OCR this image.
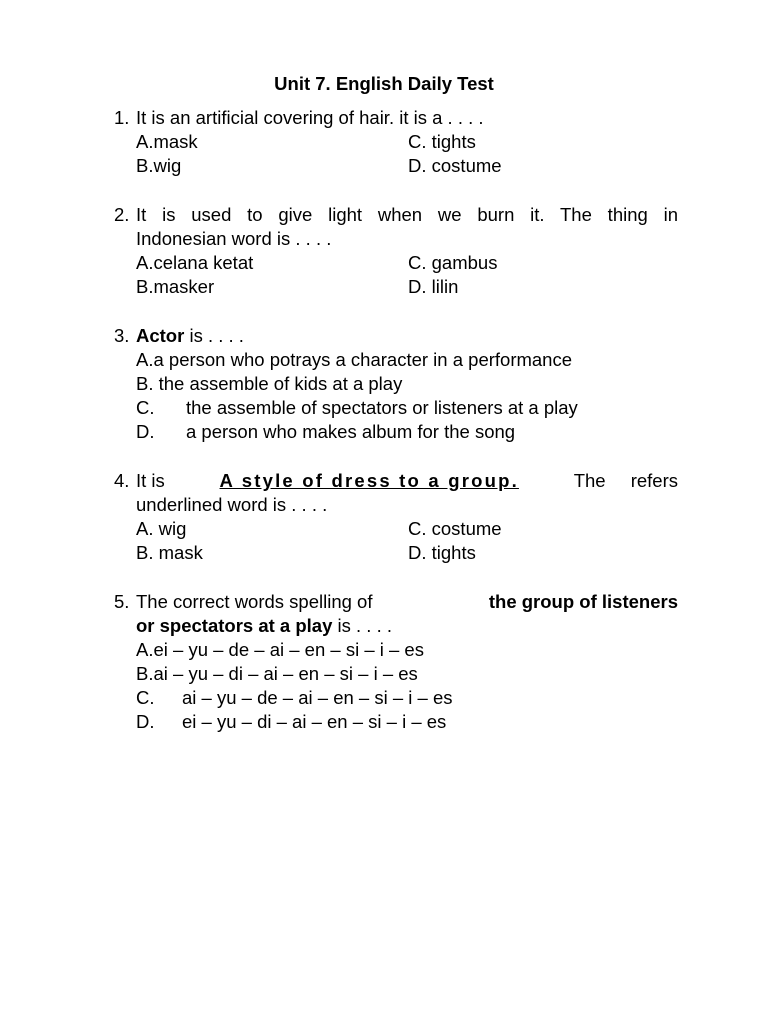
Unit 7. English Daily Test
1. It is an artificial covering of hair. it is a . . . .
A.mask	C. tights
B.wig	D. costume
2. It is used to give light when we burn it. The thing in
Indonesian word is . . . .
A.celana ketat	C. gambus
B.masker	D. lilin
3. Actor is . . . .
A.a person who potrays a character in a performance
B. the assemble of kids at a play
C. the assemble of spectators or listeners at a play
D. a person who makes album for the song
4. It is	A style of dress to a group.	The refers
underlined word is . . . .
A. wig	C. costume
B. mask	D. tights
5. The correct words spelling of	the group of listeners
or spectators at a play is . . . .
A.ei – yu – de – ai – en – si – i – es
B.ai – yu – di – ai – en – si – i – es
C. ai – yu – de – ai – en – si – i – es
D. ei – yu – di – ai – en – si – i – es
